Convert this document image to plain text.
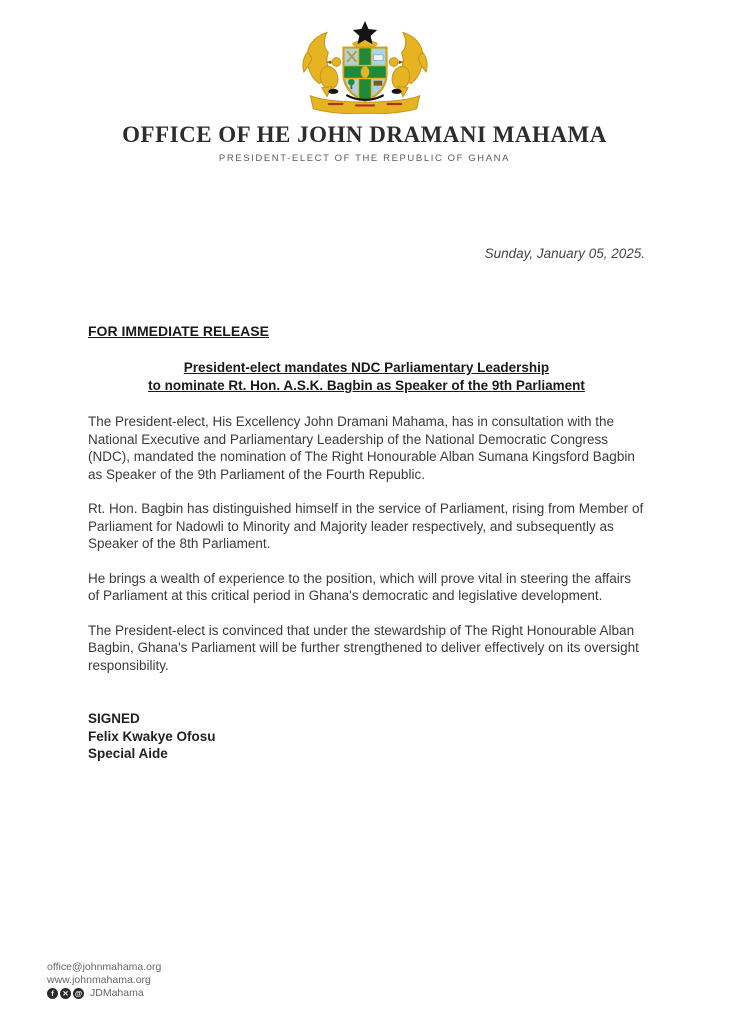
OFFICE OF HE JOHN DRAMANI MAHAMA
PRESIDENT-ELECT OF THE REPUBLIC OF GHANA
Sunday, January 05, 2025.
FOR IMMEDIATE RELEASE
President-elect mandates NDC Parliamentary Leadership
to nominate Rt. Hon. A.S.K. Bagbin as Speaker of the 9th Parliament

The President-elect, His Excellency John Dramani Mahama, has in consultation with the National Executive and Parliamentary Leadership of the National Democratic Congress (NDC), mandated the nomination of The Right Honourable Alban Sumana Kingsford Bagbin as Speaker of the 9th Parliament of the Fourth Republic.

Rt. Hon. Bagbin has distinguished himself in the service of Parliament, rising from Member of Parliament for Nadowli to Minority and Majority leader respectively, and subsequently as Speaker of the 8th Parliament.

He brings a wealth of experience to the position, which will prove vital in steering the affairs of Parliament at this critical period in Ghana's democratic and legislative development.

The President-elect is convinced that under the stewardship of The Right Honourable Alban Bagbin, Ghana's Parliament will be further strengthened to deliver effectively on its oversight responsibility.

SIGNED
Felix Kwakye Ofosu
Special Aide
office@johnmahama.org
www.johnmahama.org
f	✕ @ JDMahama
